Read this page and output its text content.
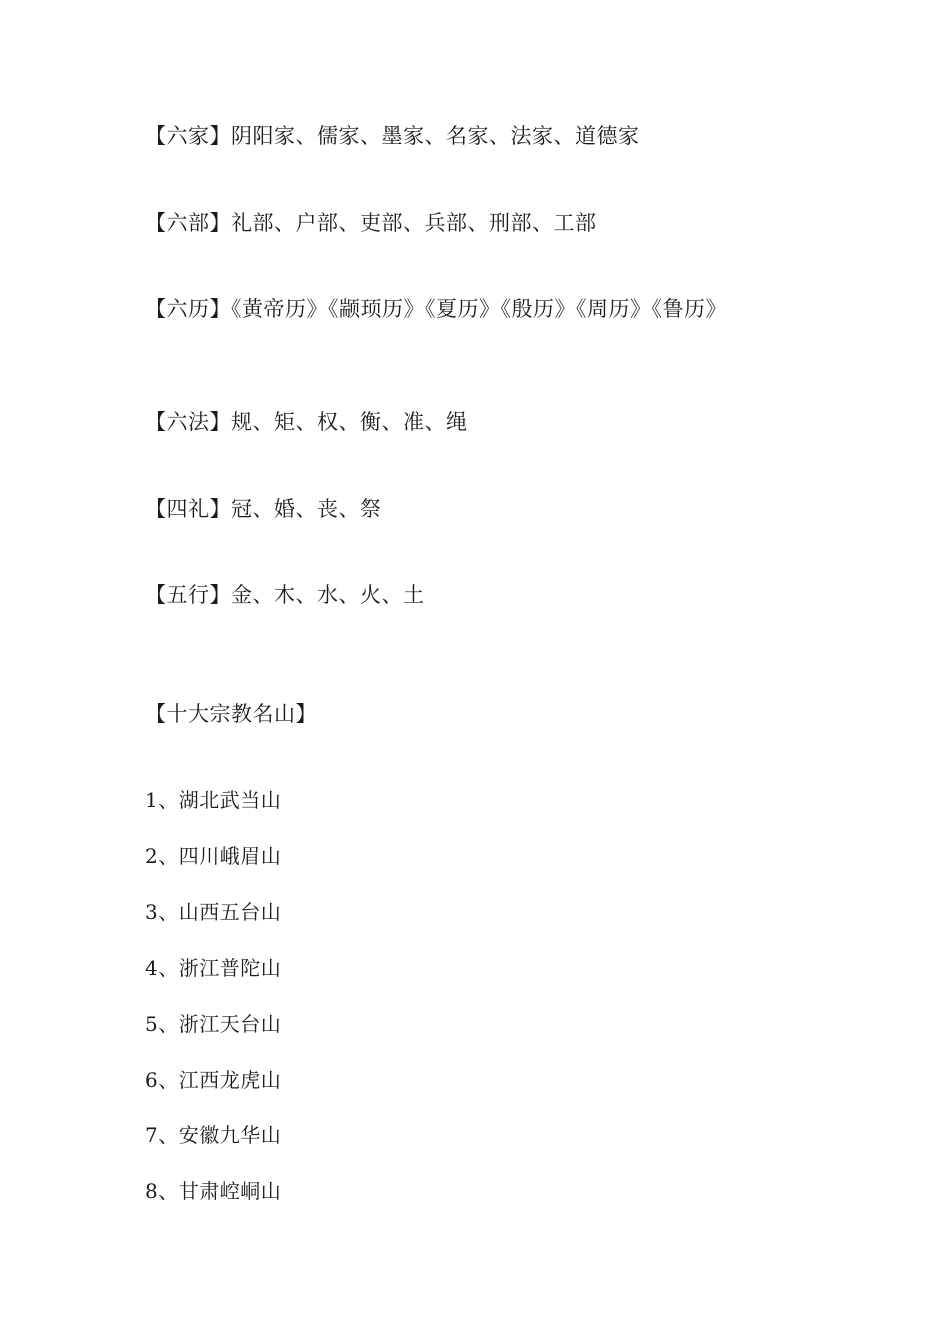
【六家】阴阳家、儒家、墨家、名家、法家、道德家
【六部】礼部、户部、吏部、兵部、刑部、工部
【六历】《黄帝历》《颛顼历》《夏历》《殷历》《周历》《鲁历》
【六法】规、矩、权、衡、准、绳
【四礼】冠、婚、丧、祭
【五行】金、木、水、火、土
【十大宗教名山】
1、湖北武当山
2、四川峨眉山
3、山西五台山
4、浙江普陀山
5、浙江天台山
6、江西龙虎山
7、安徽九华山
8、甘肃崆峒山
